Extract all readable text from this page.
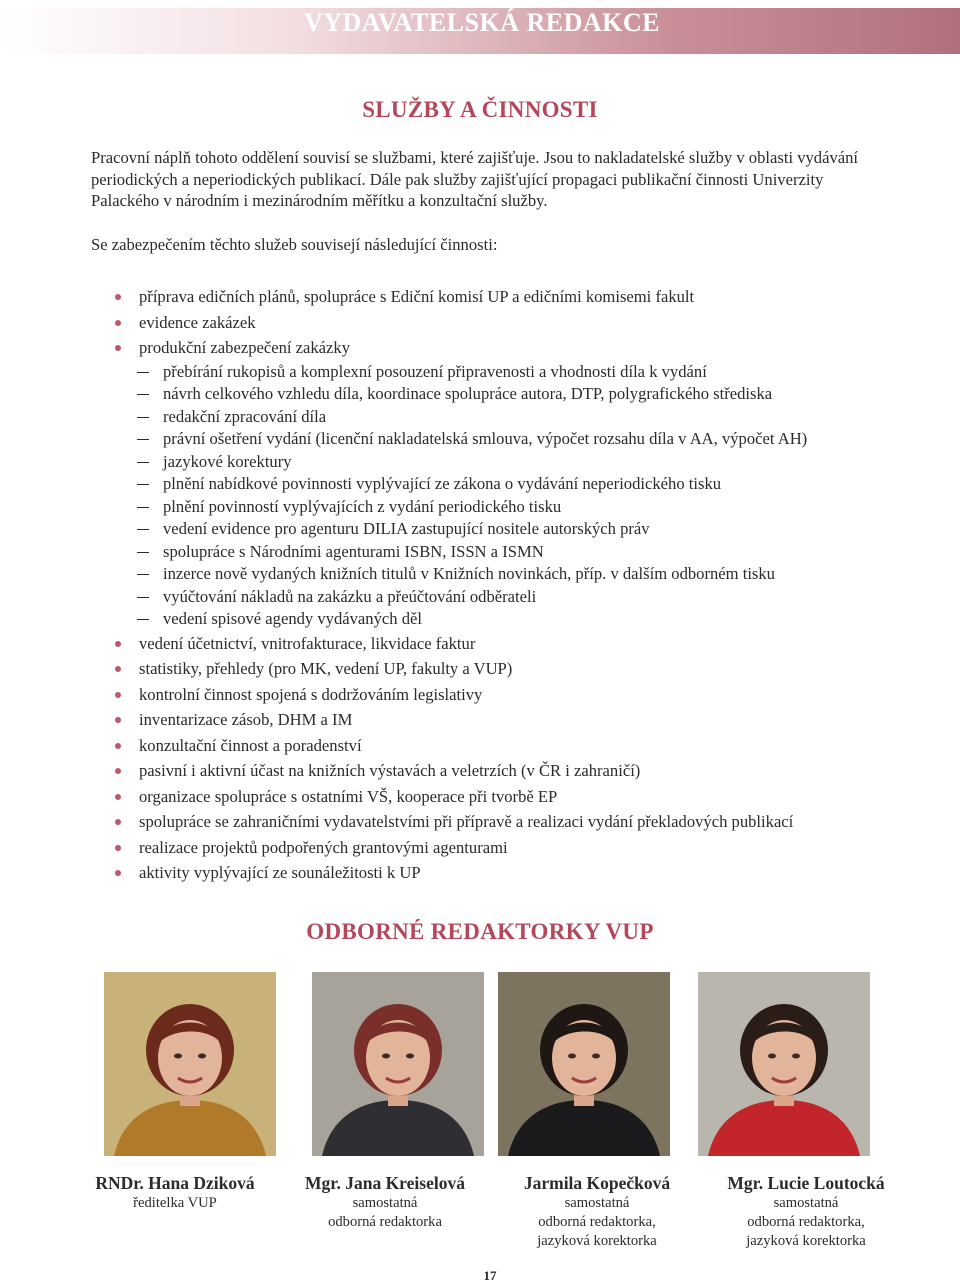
VYDAVATELSKÁ REDAKCE
SLUŽBY A ČINNOSTI

Pracovní náplň tohoto oddělení souvisí se službami, které zajišťuje. Jsou to nakladatelské služby v oblasti vydávání periodických a neperiodických publikací. Dále pak služby zajišťující propagaci publikační činnosti Univerzity Palackého v národním i mezinárodním měřítku a konzultační služby.

Se zabezpečením těchto služeb souvisejí následující činnosti:

příprava edičních plánů, spolupráce s Ediční komisí UP a edičními komisemi fakult
evidence zakázek
produkční zabezpečení zakázky
přebírání rukopisů a komplexní posouzení připravenosti a vhodnosti díla k vydání
návrh celkového vzhledu díla, koordinace spolupráce autora, DTP, polygrafického střediska
redakční zpracování díla
právní ošetření vydání (licenční nakladatelská smlouva, výpočet rozsahu díla v AA, výpočet AH)
jazykové korektury
plnění nabídkové povinnosti vyplývající ze zákona o vydávání neperiodického tisku
plnění povinností vyplývajících z vydání periodického tisku
vedení evidence pro agenturu DILIA zastupující nositele autorských práv
spolupráce s Národními agenturami ISBN, ISSN a ISMN
inzerce nově vydaných knižních titulů v Knižních novinkách, příp. v dalším odborném tisku
vyúčtování nákladů na zakázku a přeúčtování odběrateli
vedení spisové agendy vydávaných děl
vedení účetnictví, vnitrofakturace, likvidace faktur
statistiky, přehledy (pro MK, vedení UP, fakulty a VUP)
kontrolní činnost spojená s dodržováním legislativy
inventarizace zásob, DHM a IM
konzultační činnost a poradenství
pasivní i aktivní účast na knižních výstavách a veletrzích (v ČR i zahraničí)
organizace spolupráce s ostatními VŠ, kooperace při tvorbě EP
spolupráce se zahraničními vydavatelstvími při přípravě a realizaci vydání překladových publikací
realizace projektů podpořených grantovými agenturami
aktivity vyplývající ze sounáležitosti k UP
ODBORNÉ REDAKTORKY VUP
RNDr. Hana Dziková
ředitelka VUP
Mgr. Jana Kreiselová
samostatná
odborná redaktorka
Jarmila Kopečková
samostatná
odborná redaktorka,
jazyková korektorka
Mgr. Lucie Loutocká
samostatná
odborná redaktorka,
jazyková korektorka
17
